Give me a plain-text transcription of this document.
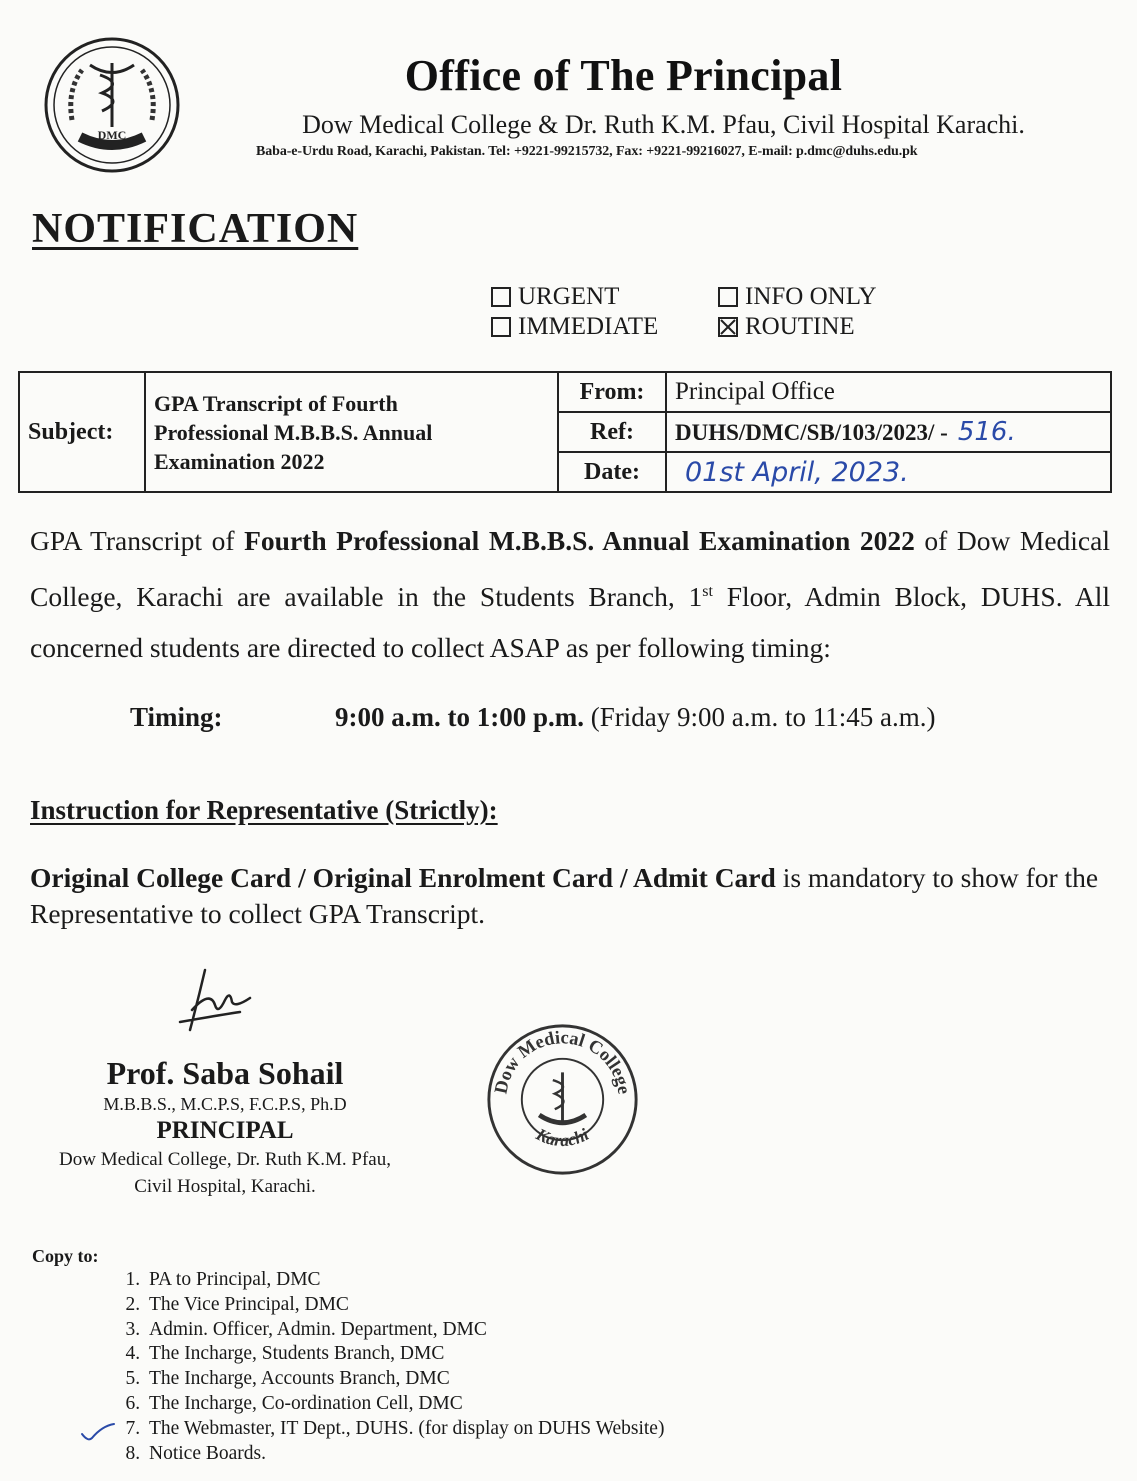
DMC
Office of The Principal
Dow Medical College & Dr. Ruth K.M. Pfau, Civil Hospital Karachi.
Baba-e-Urdu Road, Karachi, Pakistan. Tel: +9221-99215732, Fax: +9221-99216027, E-mail: p.dmc@duhs.edu.pk
NOTIFICATION
URGENT
IMMEDIATE
INFO ONLY
ROUTINE
Subject:	GPA Transcript of Fourth
Professional M.B.B.S. Annual
Examination 2022	From:	Principal Office
		Ref:	DUHS/DMC/SB/103/2023/ - 516.
		Date:	01st April, 2023.
GPA Transcript of Fourth Professional M.B.B.S. Annual Examination 2022 of Dow Medical College, Karachi are available in the Students Branch, 1st Floor, Admin Block, DUHS. All concerned students are directed to collect ASAP as per following timing:
Timing:	9:00 a.m. to 1:00 p.m. (Friday 9:00 a.m. to 11:45 a.m.)
Instruction for Representative (Strictly):
Original College Card / Original Enrolment Card / Admit Card is mandatory to show for the Representative to collect GPA Transcript.
Prof. Saba Sohail
M.B.B.S., M.C.P.S, F.C.P.S, Ph.D
PRINCIPAL
Dow Medical College, Dr. Ruth K.M. Pfau,
Civil Hospital, Karachi.
Dow Medical College
Karachi
Copy to:
1. PA to Principal, DMC
2. The Vice Principal, DMC
3. Admin. Officer, Admin. Department, DMC
4. The Incharge, Students Branch, DMC
5. The Incharge, Accounts Branch, DMC
6. The Incharge, Co-ordination Cell, DMC
7. The Webmaster, IT Dept., DUHS. (for display on DUHS Website)
8. Notice Boards.
